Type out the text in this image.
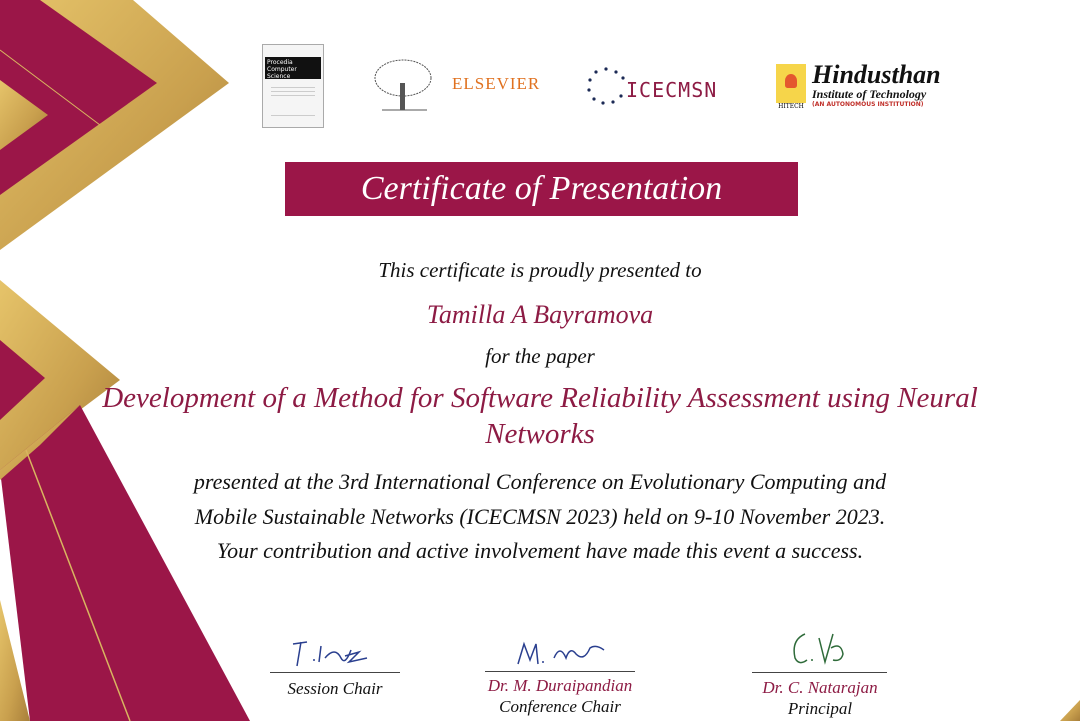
Procedia Computer Science	ELSEVIER	ICECMSN
HITECH
Hindusthan
Institute of Technology
(AN AUTONOMOUS INSTITUTION)
Certificate of Presentation
This certificate is proudly presented to
Tamilla A Bayramova
for the paper
Development of a Method for Software Reliability Assessment using Neural
Networks
presented at the 3rd International Conference on Evolutionary Computing and
Mobile Sustainable Networks (ICECMSN 2023) held on 9-10 November 2023.
Your contribution and active involvement have made this event a success.
Session Chair	Dr. M. Duraipandian
Conference Chair
Dr. C. Natarajan
Principal
